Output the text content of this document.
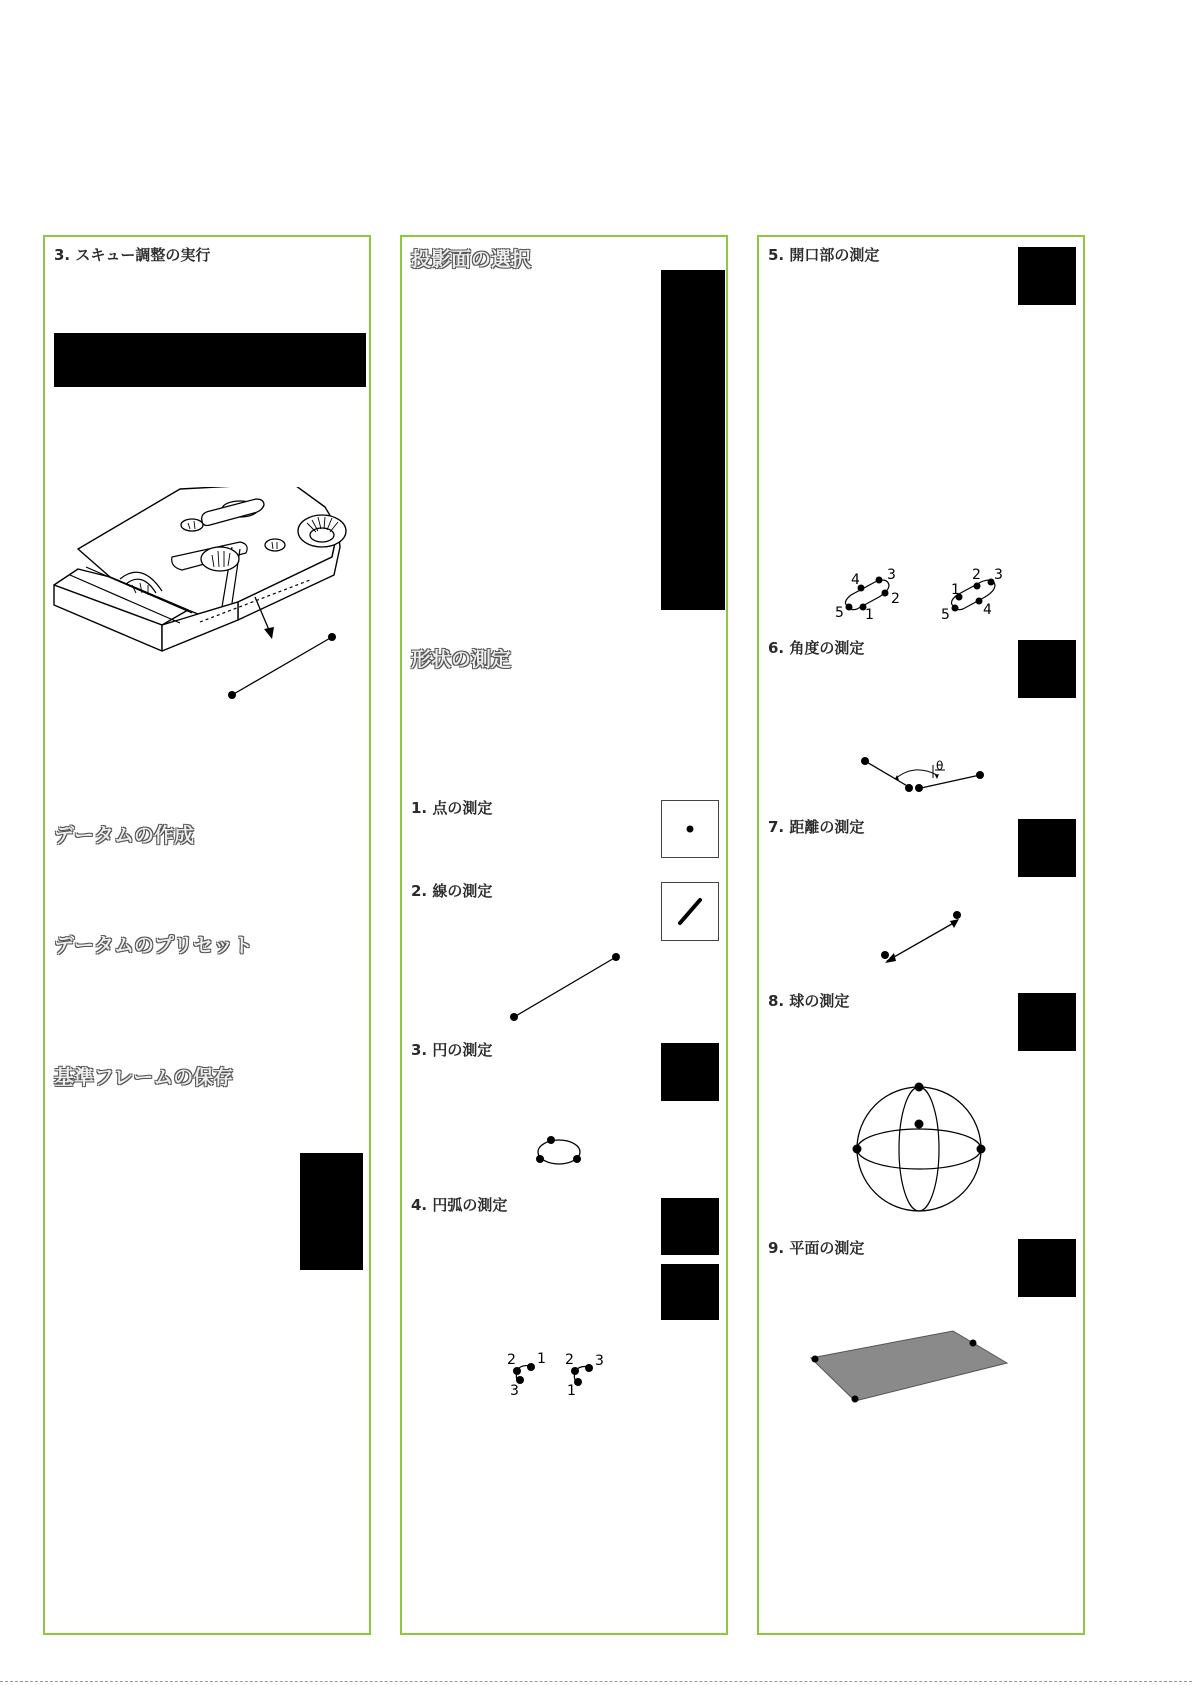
3. スキュー調整の実行
データムの作成
データムのプリセット
基準フレームの保存
投影面の選択
形状の測定
1. 点の測定
2. 線の測定
3. 円の測定
4. 円弧の測定
2 1
3
2 3
1
5. 開口部の測定
4 3
2
1
5
2 3
1
4
5
6. 角度の測定
θ
7. 距離の測定
8. 球の測定
9. 平面の測定
